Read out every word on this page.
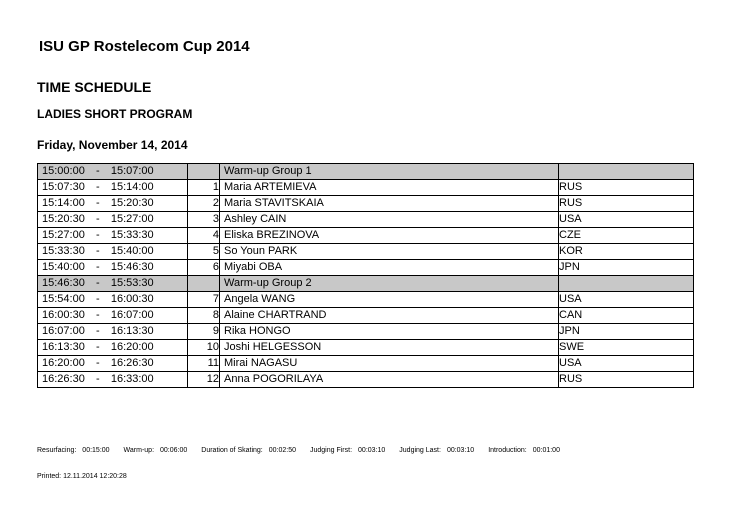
ISU GP Rostelecom Cup 2014
TIME SCHEDULE
LADIES SHORT PROGRAM
Friday, November 14, 2014
15:00:00 - 15:07:00		Warm-up Group 1	
15:07:30 - 15:14:00	1	Maria ARTEMIEVA	RUS
15:14:00 - 15:20:30	2	Maria STAVITSKAIA	RUS
15:20:30 - 15:27:00	3	Ashley CAIN	USA
15:27:00 - 15:33:30	4	Eliska BREZINOVA	CZE
15:33:30 - 15:40:00	5	So Youn PARK	KOR
15:40:00 - 15:46:30	6	Miyabi OBA	JPN
15:46:30 - 15:53:30		Warm-up Group 2	
15:54:00 - 16:00:30	7	Angela WANG	USA
16:00:30 - 16:07:00	8	Alaine CHARTRAND	CAN
16:07:00 - 16:13:30	9	Rika HONGO	JPN
16:13:30 - 16:20:00	10	Joshi HELGESSON	SWE
16:20:00 - 16:26:30	11	Mirai NAGASU	USA
16:26:30 - 16:33:00	12	Anna POGORILAYA	RUS
Resurfacing: 00:15:00 Warm-up: 00:06:00 Duration of Skating: 00:02:50 Judging First: 00:03:10 Judging Last: 00:03:10 Introduction: 00:01:00
Printed: 12.11.2014 12:20:28
